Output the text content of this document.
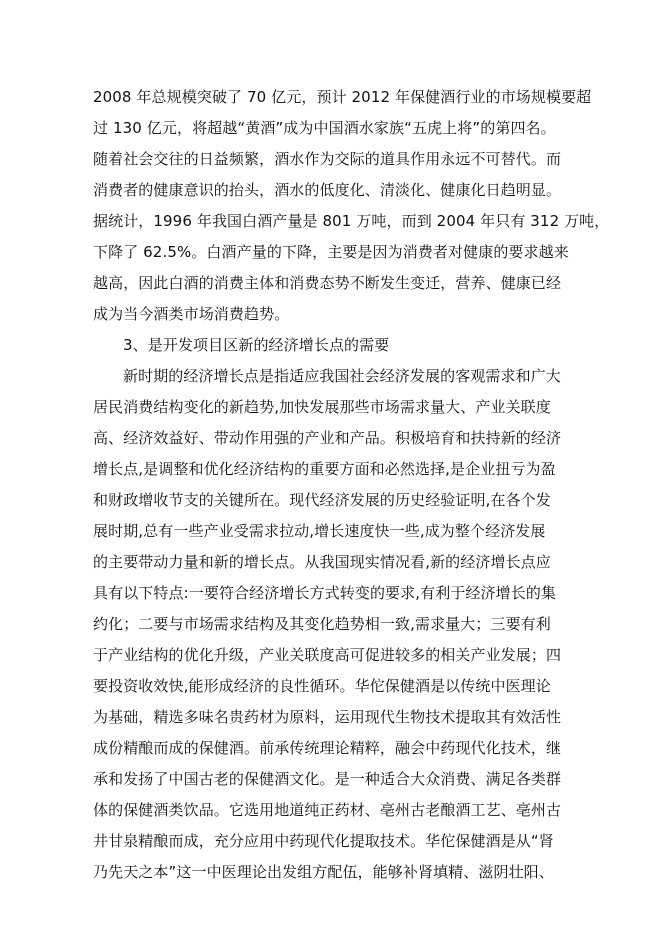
2008 年总规模突破了 70 亿元，预计 2012 年保健酒行业的市场规模要超
过 130 亿元，将超越“黄酒”成为中国酒水家族“五虎上将”的第四名。
随着社会交往的日益频繁，酒水作为交际的道具作用永远不可替代。而
消费者的健康意识的抬头，酒水的低度化、清淡化、健康化日趋明显。
据统计，1996 年我国白酒产量是 801 万吨，而到 2004 年只有 312 万吨，
下降了 62.5%。白酒产量的下降，主要是因为消费者对健康的要求越来
越高，因此白酒的消费主体和消费态势不断发生变迁，营养、健康已经
成为当今酒类市场消费趋势。
3、是开发项目区新的经济增长点的需要
新时期的经济增长点是指适应我国社会经济发展的客观需求和广大
居民消费结构变化的新趋势,加快发展那些市场需求量大、产业关联度
高、经济效益好、带动作用强的产业和产品。积极培育和扶持新的经济
增长点,是调整和优化经济结构的重要方面和必然选择,是企业扭亏为盈
和财政增收节支的关键所在。现代经济发展的历史经验证明,在各个发
展时期,总有一些产业受需求拉动,增长速度快一些,成为整个经济发展
的主要带动力量和新的增长点。从我国现实情况看,新的经济增长点应
具有以下特点:一要符合经济增长方式转变的要求,有利于经济增长的集
约化；二要与市场需求结构及其变化趋势相一致,需求量大；三要有利
于产业结构的优化升级，产业关联度高可促进较多的相关产业发展；四
要投资收效快,能形成经济的良性循环。华佗保健酒是以传统中医理论
为基础，精选多味名贵药材为原料，运用现代生物技术提取其有效活性
成份精酿而成的保健酒。前承传统理论精粹，融会中药现代化技术，继
承和发扬了中国古老的保健酒文化。是一种适合大众消费、满足各类群
体的保健酒类饮品。它选用地道纯正药材、亳州古老酿酒工艺、亳州古
井甘泉精酿而成，充分应用中药现代化提取技术。华佗保健酒是从“肾
乃先天之本”这一中医理论出发组方配伍，能够补肾填精、滋阴壮阳、
